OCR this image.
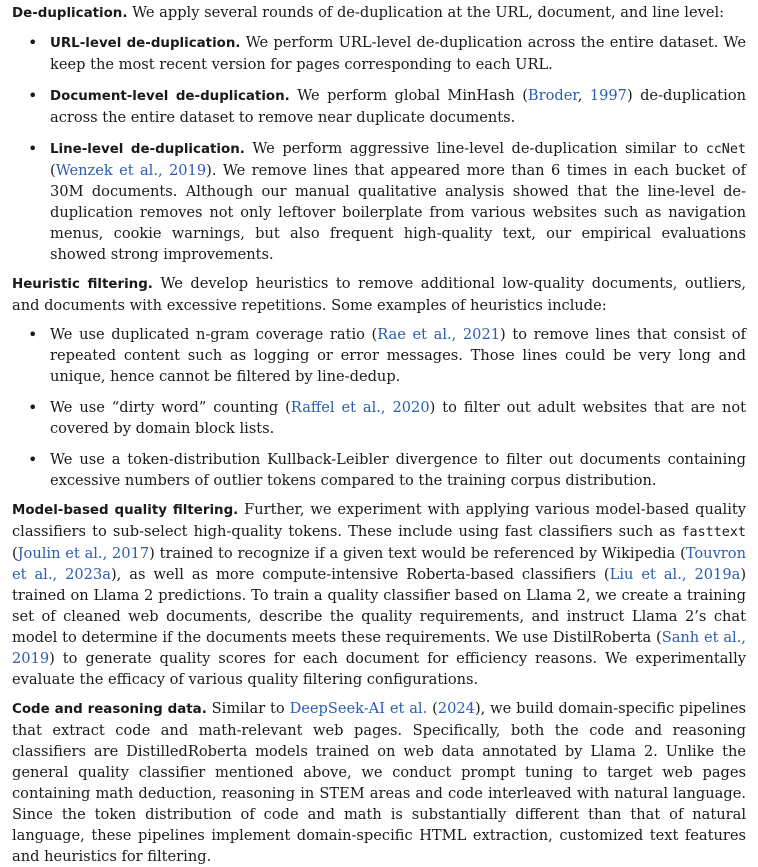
De-duplication. We apply several rounds of de-duplication at the URL, document, and line level:

• URL-level de-duplication. We perform URL-level de-duplication across the entire dataset. We keep the most recent version for pages corresponding to each URL.
• Document-level de-duplication. We perform global MinHash (Broder, 1997) de-duplication across the entire dataset to remove near duplicate documents.
• Line-level de-duplication. We perform aggressive line-level de-duplication similar to ccNet (Wenzek et al., 2019). We remove lines that appeared more than 6 times in each bucket of 30M documents. Although our manual qualitative analysis showed that the line-level de-duplication removes not only leftover boilerplate from various websites such as navigation menus, cookie warnings, but also frequent high-quality text, our empirical evaluations showed strong improvements.

Heuristic filtering. We develop heuristics to remove additional low-quality documents, outliers, and documents with excessive repetitions. Some examples of heuristics include:

• We use duplicated n-gram coverage ratio (Rae et al., 2021) to remove lines that consist of repeated content such as logging or error messages. Those lines could be very long and unique, hence cannot be filtered by line-dedup.
• We use “dirty word” counting (Raffel et al., 2020) to filter out adult websites that are not covered by domain block lists.
• We use a token-distribution Kullback-Leibler divergence to filter out documents containing excessive numbers of outlier tokens compared to the training corpus distribution.

Model-based quality filtering. Further, we experiment with applying various model-based quality classifiers to sub-select high-quality tokens. These include using fast classifiers such as fasttext (Joulin et al., 2017) trained to recognize if a given text would be referenced by Wikipedia (Touvron et al., 2023a), as well as more compute-intensive Roberta-based classifiers (Liu et al., 2019a) trained on Llama 2 predictions. To train a quality classifier based on Llama 2, we create a training set of cleaned web documents, describe the quality requirements, and instruct Llama 2’s chat model to determine if the documents meets these requirements. We use DistilRoberta (Sanh et al., 2019) to generate quality scores for each document for efficiency reasons. We experimentally evaluate the efficacy of various quality filtering configurations.

Code and reasoning data. Similar to DeepSeek-AI et al. (2024), we build domain-specific pipelines that extract code and math-relevant web pages. Specifically, both the code and reasoning classifiers are DistilledRoberta models trained on web data annotated by Llama 2. Unlike the general quality classifier mentioned above, we conduct prompt tuning to target web pages containing math deduction, reasoning in STEM areas and code interleaved with natural language. Since the token distribution of code and math is substantially different than that of natural language, these pipelines implement domain-specific HTML extraction, customized text features and heuristics for filtering.
